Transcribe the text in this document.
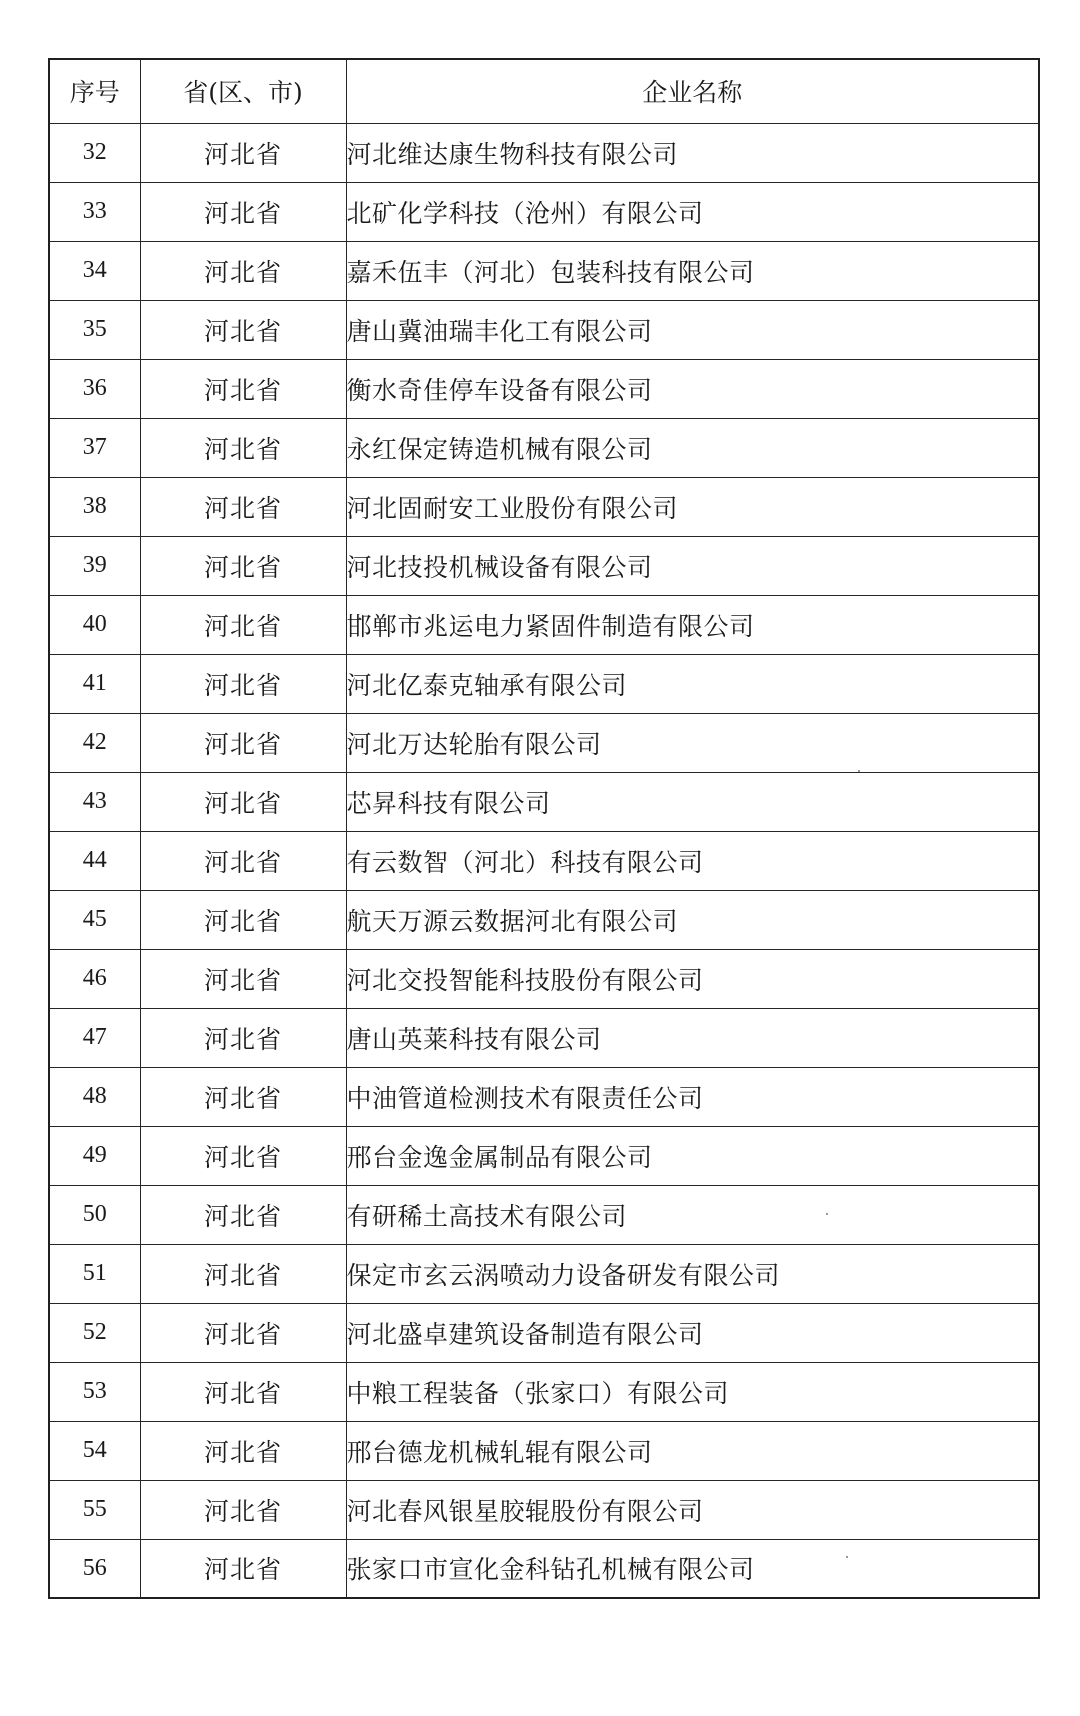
序号	省(区、市)	企业名称
32	河北省	河北维达康生物科技有限公司
33	河北省	北矿化学科技（沧州）有限公司
34	河北省	嘉禾伍丰（河北）包装科技有限公司
35	河北省	唐山冀油瑞丰化工有限公司
36	河北省	衡水奇佳停车设备有限公司
37	河北省	永红保定铸造机械有限公司
38	河北省	河北固耐安工业股份有限公司
39	河北省	河北技投机械设备有限公司
40	河北省	邯郸市兆运电力紧固件制造有限公司
41	河北省	河北亿泰克轴承有限公司
42	河北省	河北万达轮胎有限公司
43	河北省	芯昇科技有限公司
44	河北省	有云数智（河北）科技有限公司
45	河北省	航天万源云数据河北有限公司
46	河北省	河北交投智能科技股份有限公司
47	河北省	唐山英莱科技有限公司
48	河北省	中油管道检测技术有限责任公司
49	河北省	邢台金逸金属制品有限公司
50	河北省	有研稀土高技术有限公司
51	河北省	保定市玄云涡喷动力设备研发有限公司
52	河北省	河北盛卓建筑设备制造有限公司
53	河北省	中粮工程装备（张家口）有限公司
54	河北省	邢台德龙机械轧辊有限公司
55	河北省	河北春风银星胶辊股份有限公司
56	河北省	张家口市宣化金科钻孔机械有限公司
